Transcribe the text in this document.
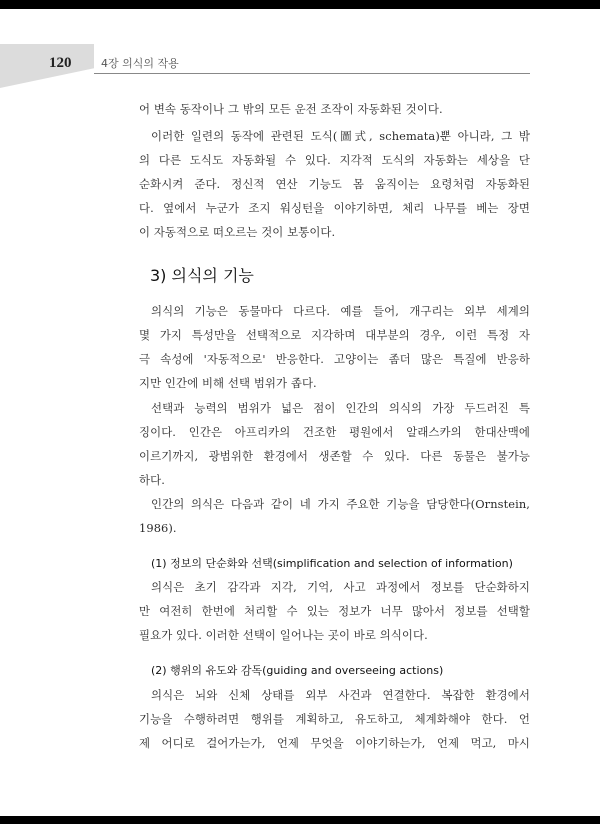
120	4장 의식의 작용
어 변속 동작이나 그 밖의 모든 운전 조작이 자동화된 것이다.
이러한 일련의 동작에 관련된 도식(圖式, schemata)뿐 아니라, 그 밖
의 다른 도식도 자동화될 수 있다. 지각적 도식의 자동화는 세상을 단
순화시켜 준다. 정신적 연산 기능도 몸 움직이는 요령처럼 자동화된
다. 옆에서 누군가 조지 워싱턴을 이야기하면, 체리 나무를 베는 장면
이 자동적으로 떠오르는 것이 보통이다.
3) 의식의 기능
의식의 기능은 동물마다 다르다. 예를 들어, 개구리는 외부 세계의
몇 가지 특성만을 선택적으로 지각하며 대부분의 경우, 이런 특정 자
극 속성에 '자동적으로' 반응한다. 고양이는 좀더 많은 특질에 반응하
지만 인간에 비해 선택 범위가 좁다.
선택과 능력의 범위가 넓은 점이 인간의 의식의 가장 두드러진 특
징이다. 인간은 아프리카의 건조한 평원에서 알래스카의 한대산맥에
이르기까지, 광범위한 환경에서 생존할 수 있다. 다른 동물은 불가능
하다.
인간의 의식은 다음과 같이 네 가지 주요한 기능을 담당한다(Ornstein,
1986).
(1) 정보의 단순화와 선택(simplification and selection of information)
의식은 초기 감각과 지각, 기억, 사고 과정에서 정보를 단순화하지
만 여전히 한번에 처리할 수 있는 정보가 너무 많아서 정보를 선택할
필요가 있다. 이러한 선택이 일어나는 곳이 바로 의식이다.
(2) 행위의 유도와 감독(guiding and overseeing actions)
의식은 뇌와 신체 상태를 외부 사건과 연결한다. 복잡한 환경에서
기능을 수행하려면 행위를 계획하고, 유도하고, 체계화해야 한다. 언
제 어디로 걸어가는가, 언제 무엇을 이야기하는가, 언제 먹고, 마시
